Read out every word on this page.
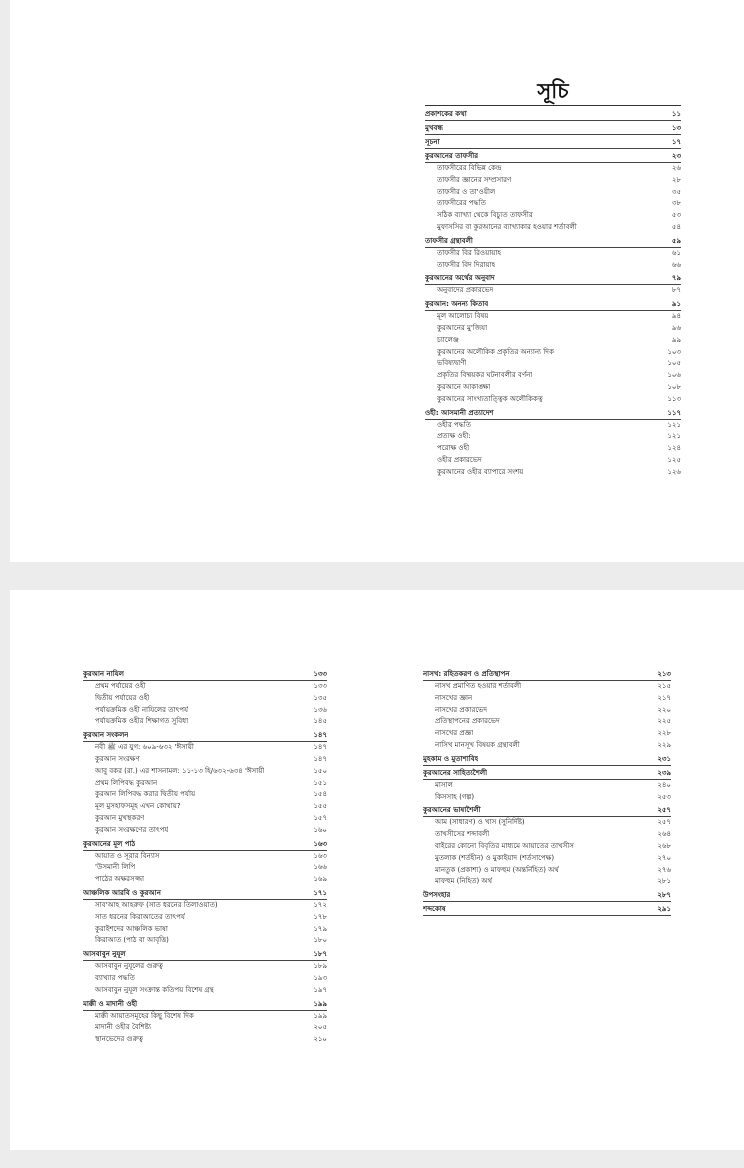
সূচি
প্রকাশকের কথা	১১
মুখবন্ধ	১৩
সূচনা	১৭
কুরআনের তাফসীর	২৩
তাফসীরের বিভিন্ন কেন্দ্র	২৬
তাফসীর জ্ঞানের সম্প্রসারণ	২৮
তাফসীর ও তা'ওয়ীল	৩৫
তাফসীরের পদ্ধতি	৩৮
সঠিক ব্যাখ্যা থেকে বিচ্যুত তাফসীর	৫৩
মুফাসসির বা কুরআনের ব্যাখ্যাকার হওয়ার শর্তাবলী	৫৪
তাফসীর গ্রন্থাবলী	৫৯
তাফসীর বির রিওয়ায়াহ	৬১
তাফসীর বিদ দিরায়াহ	৬৬
কুরআনের অর্থের অনুবাদ	৭৯
অনুবাদের প্রকারভেদ	৮৭
কুরআন: অনন্য কিতাব	৯১
মূল আলোচ্য বিষয়	৯৪
কুরআনের মু'জিযা	৯৬
চ্যালেঞ্জ	৯৯
কুরআনের অলৌকিক প্রকৃতির অন্যান্য দিক	১০৩
ভবিষ্যদ্বাণী	১০৫
প্রকৃতির বিষ্ময়কর ঘটনাবলীর বর্ণনা	১০৬
কুরআনে আকাঙ্ক্ষা	১০৮
কুরআনের সাংখ্যতাত্ত্বিক অলৌকিকত্ব	১১৩
ওহী: আসমানী প্রত্যাদেশ	১১৭
ওহীর পদ্ধতি	১২১
প্রত্যক্ষ ওহী:	১২১
পরোক্ষ ওহী	১২৪
ওহীর প্রকারভেদ	১২৫
কুরআনের ওহীর ব্যাপারে সংশয়	১২৬
কুরআন নাযিল	১৩৩
প্রথম পর্যায়ের ওহী	১৩৩
দ্বিতীয় পর্যায়ের ওহী	১৩৫
পর্যায়ক্রমিক ওহী নাযিলের তাৎপর্য	১৩৬
পর্যায়ক্রমিক ওহীর শিক্ষাগত সুবিধা	১৪৫
কুরআন সংকলন	১৪৭
নবী ﷺ এর যুগ: ৬০৯-৬৩২ 'ঈসায়ী	১৪৭
কুরআন সংরক্ষণ	১৪৭
আবু বকর (রা.) এর শাসনামল: ১১-১৩ হি/৬৩২-৬৩৪ 'ঈসায়ী	১৫০
প্রথম লিপিবদ্ধ কুরআন	১৫১
কুরআন লিপিবদ্ধ করার দ্বিতীয় পর্যায়	১৫৪
মূল মুসহাফসমূহ এখন কোথায়?	১৫৫
কুরআন মুখস্থকরণ	১৫৭
কুরআন সংরক্ষণের তাৎপর্য	১৬০
কুরআনের মূল পাঠ	১৬৩
আয়াত ও সূরার বিন্যাস	১৬৩
'উসমানী লিপি	১৬৬
পাঠের অক্ষরসজ্জা	১৬৯
আঞ্চলিক আরবি ও কুরআন	১৭১
সাব'আহ আহরুফ (সাত ধরনের তিলাওয়াত)	১৭২
সাত ধরনের কিরাআতের তাৎপর্য	১৭৮
কুরাইশদের আঞ্চলিক ভাষা	১৭৯
কিরাআত (পাঠ বা আবৃত্তি)	১৮০
আসবাবুন নুযূল	১৮৭
আসবাবুন নুযূলের গুরুত্ব	১৮৯
ব্যাখ্যার পদ্ধতি	১৯৩
আসবাবুন নুযূল সংক্রান্ত কতিপয় বিশেষ গ্রন্থ	১৯৭
মাক্কী ও মাদানী ওহী	১৯৯
মাক্কী আয়াতসমূহের কিছু বিশেষ দিক	১৯৯
মাদানী ওহীর বৈশিষ্ট্য	২০৫
স্থানভেদের গুরুত্ব	২১০
নাসখ: রহিতকরণ ও প্রতিস্থাপন	২১৩
নাসখ প্রমাণিত হওয়ার শর্তাবলী	২১৫
নাসখের জ্ঞান	২১৭
নাসখের প্রকারভেদ	২২০
প্রতিস্থাপনের প্রকারভেদ	২২৫
নাসখের প্রজ্ঞা	২২৮
নাসিখ মানসূখ বিষয়ক গ্রন্থাবলী	২২৯
মুহকাম ও মুতাশাবিহ	২৩১
কুরআনের সাহিত্যশৈলী	২৩৯
মাসাল	২৪০
কিসসাহ (গল্প)	২৫৩
কুরআনের ভাষাশৈলী	২৫৭
আম (সাধারণ) ও খাস (সুনির্দিষ্ট)	২৫৭
তাখসীসের শব্দাবলী	২৬৪
বাইরের কোনো বিবৃতির মাধ্যমে আয়াতের তাখসীস	২৬৮
মুতলাক (শর্তহীন) ও মুকাইয়াদ (শর্তসাপেক্ষ)	২৭০
মানতুক (প্রকাশ্য) ও মাফহুম (অন্তর্নিহিত) অর্থ	২৭৬
মাফহুম (নিহিত) অর্থ	২৮১
উপসংহার	২৮৭
শব্দকোষ	২৯১
